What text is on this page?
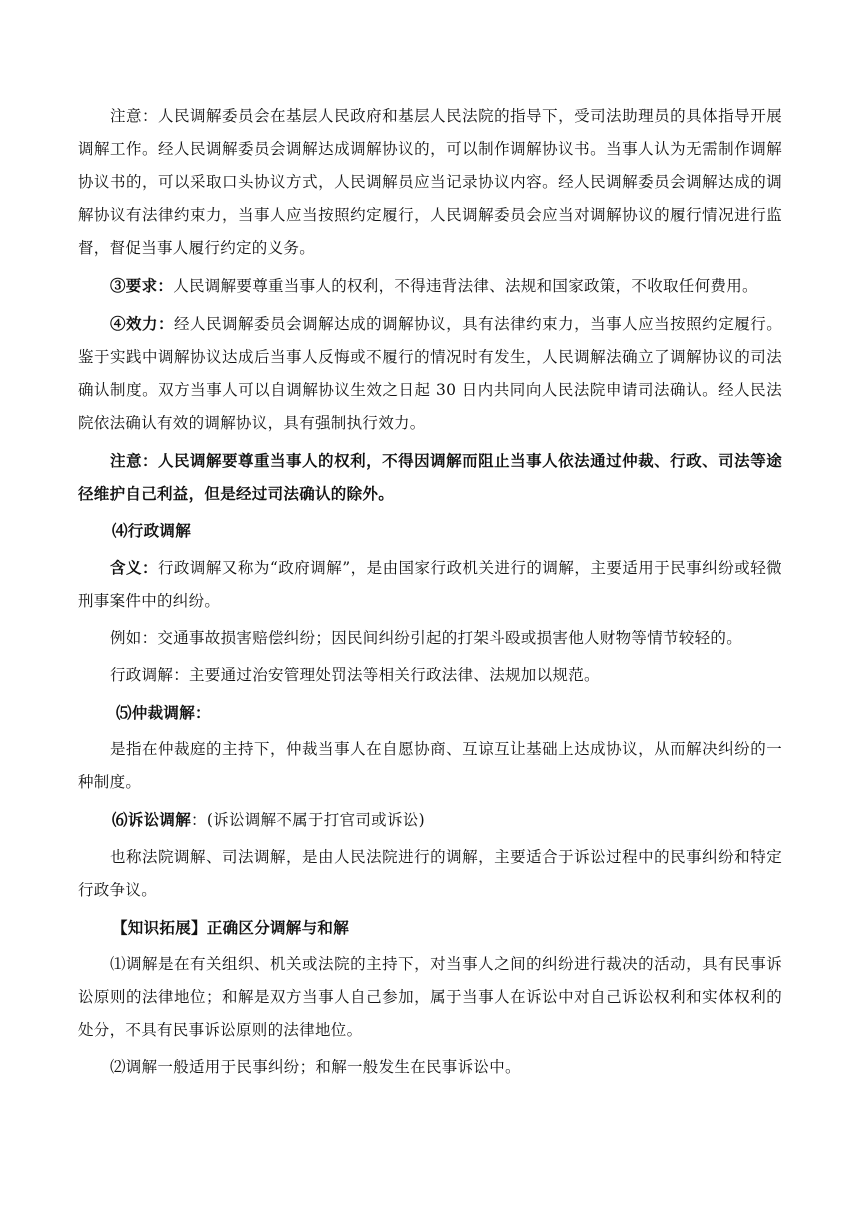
注意：人民调解委员会在基层人民政府和基层人民法院的指导下，受司法助理员的具体指导开展调解工作。经人民调解委员会调解达成调解协议的，可以制作调解协议书。当事人认为无需制作调解协议书的，可以采取口头协议方式，人民调解员应当记录协议内容。经人民调解委员会调解达成的调解协议有法律约束力，当事人应当按照约定履行，人民调解委员会应当对调解协议的履行情况进行监督，督促当事人履行约定的义务。

③要求：人民调解要尊重当事人的权利，不得违背法律、法规和国家政策，不收取任何费用。

④效力：经人民调解委员会调解达成的调解协议，具有法律约束力，当事人应当按照约定履行。鉴于实践中调解协议达成后当事人反悔或不履行的情况时有发生，人民调解法确立了调解协议的司法确认制度。双方当事人可以自调解协议生效之日起 30 日内共同向人民法院申请司法确认。经人民法院依法确认有效的调解协议，具有强制执行效力。

注意：人民调解要尊重当事人的权利，不得因调解而阻止当事人依法通过仲裁、行政、司法等途径维护自己利益，但是经过司法确认的除外。

⑷行政调解

含义：行政调解又称为“政府调解”，是由国家行政机关进行的调解，主要适用于民事纠纷或轻微刑事案件中的纠纷。

例如：交通事故损害赔偿纠纷；因民间纠纷引起的打架斗殴或损害他人财物等情节较轻的。

行政调解：主要通过治安管理处罚法等相关行政法律、法规加以规范。

⑸仲裁调解：

是指在仲裁庭的主持下，仲裁当事人在自愿协商、互谅互让基础上达成协议，从而解决纠纷的一种制度。

⑹诉讼调解：(诉讼调解不属于打官司或诉讼)

也称法院调解、司法调解，是由人民法院进行的调解，主要适合于诉讼过程中的民事纠纷和特定行政争议。

【知识拓展】正确区分调解与和解

⑴调解是在有关组织、机关或法院的主持下，对当事人之间的纠纷进行裁决的活动，具有民事诉讼原则的法律地位；和解是双方当事人自己参加，属于当事人在诉讼中对自己诉讼权利和实体权利的处分，不具有民事诉讼原则的法律地位。

⑵调解一般适用于民事纠纷；和解一般发生在民事诉讼中。
